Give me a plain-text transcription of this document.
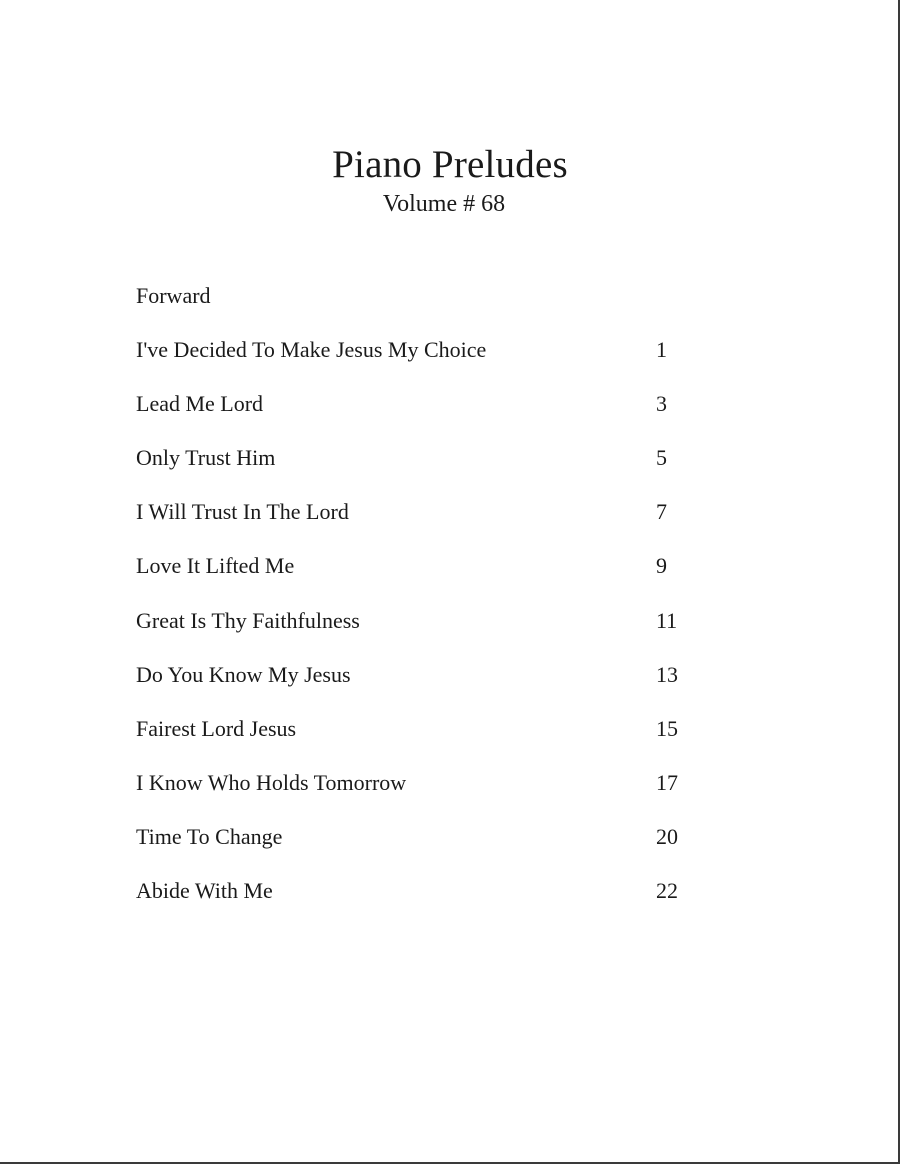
Piano Preludes
Volume # 68
Forward
I've Decided To Make Jesus My Choice	1
Lead Me Lord	3
Only Trust Him	5
I Will Trust In The Lord	7
Love It Lifted Me	9
Great Is Thy Faithfulness	11
Do You Know My Jesus	13
Fairest Lord Jesus	15
I Know Who Holds Tomorrow	17
Time To Change	20
Abide With Me	22
